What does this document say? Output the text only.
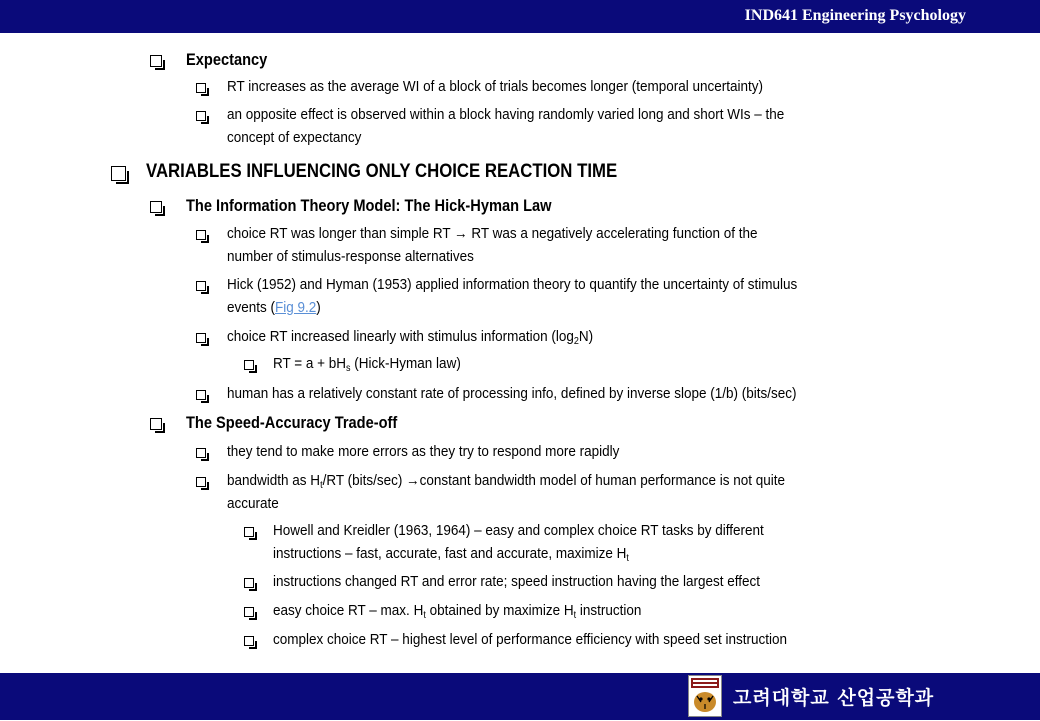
IND641 Engineering Psychology
Expectancy
RT increases as the average WI of a block of trials becomes longer (temporal uncertainty)
an opposite effect is observed within a block having randomly varied long and short WIs – the
concept of expectancy
VARIABLES INFLUENCING ONLY CHOICE REACTION TIME
The Information Theory Model: The Hick-Hyman Law
choice RT was longer than simple RT → RT was a negatively accelerating function of the
number of stimulus-response alternatives
Hick (1952) and Hyman (1953) applied information theory to quantify the uncertainty of stimulus
events (Fig 9.2)
choice RT increased linearly with stimulus information $(\log_2N)$
RT = $a + bH_s$ (Hick-Hyman law)
human has a relatively constant rate of processing info, defined by inverse slope (1/b) (bits/sec)
The Speed-Accuracy Trade-off
they tend to make more errors as they try to respond more rapidly
bandwidth as $H_t/RT$ (bits/sec) →constant bandwidth model of human performance is not quite
accurate
Howell and Kreidler (1963, 1964) – easy and complex choice RT tasks by different
instructions – fast, accurate, fast and accurate, maximize $H_t$
instructions changed RT and error rate; speed instruction having the largest effect
easy choice RT – max. $H_t$ obtained by maximize $H_t$ instruction
complex choice RT – highest level of performance efficiency with speed set instruction
고려대학교 산업공학과
